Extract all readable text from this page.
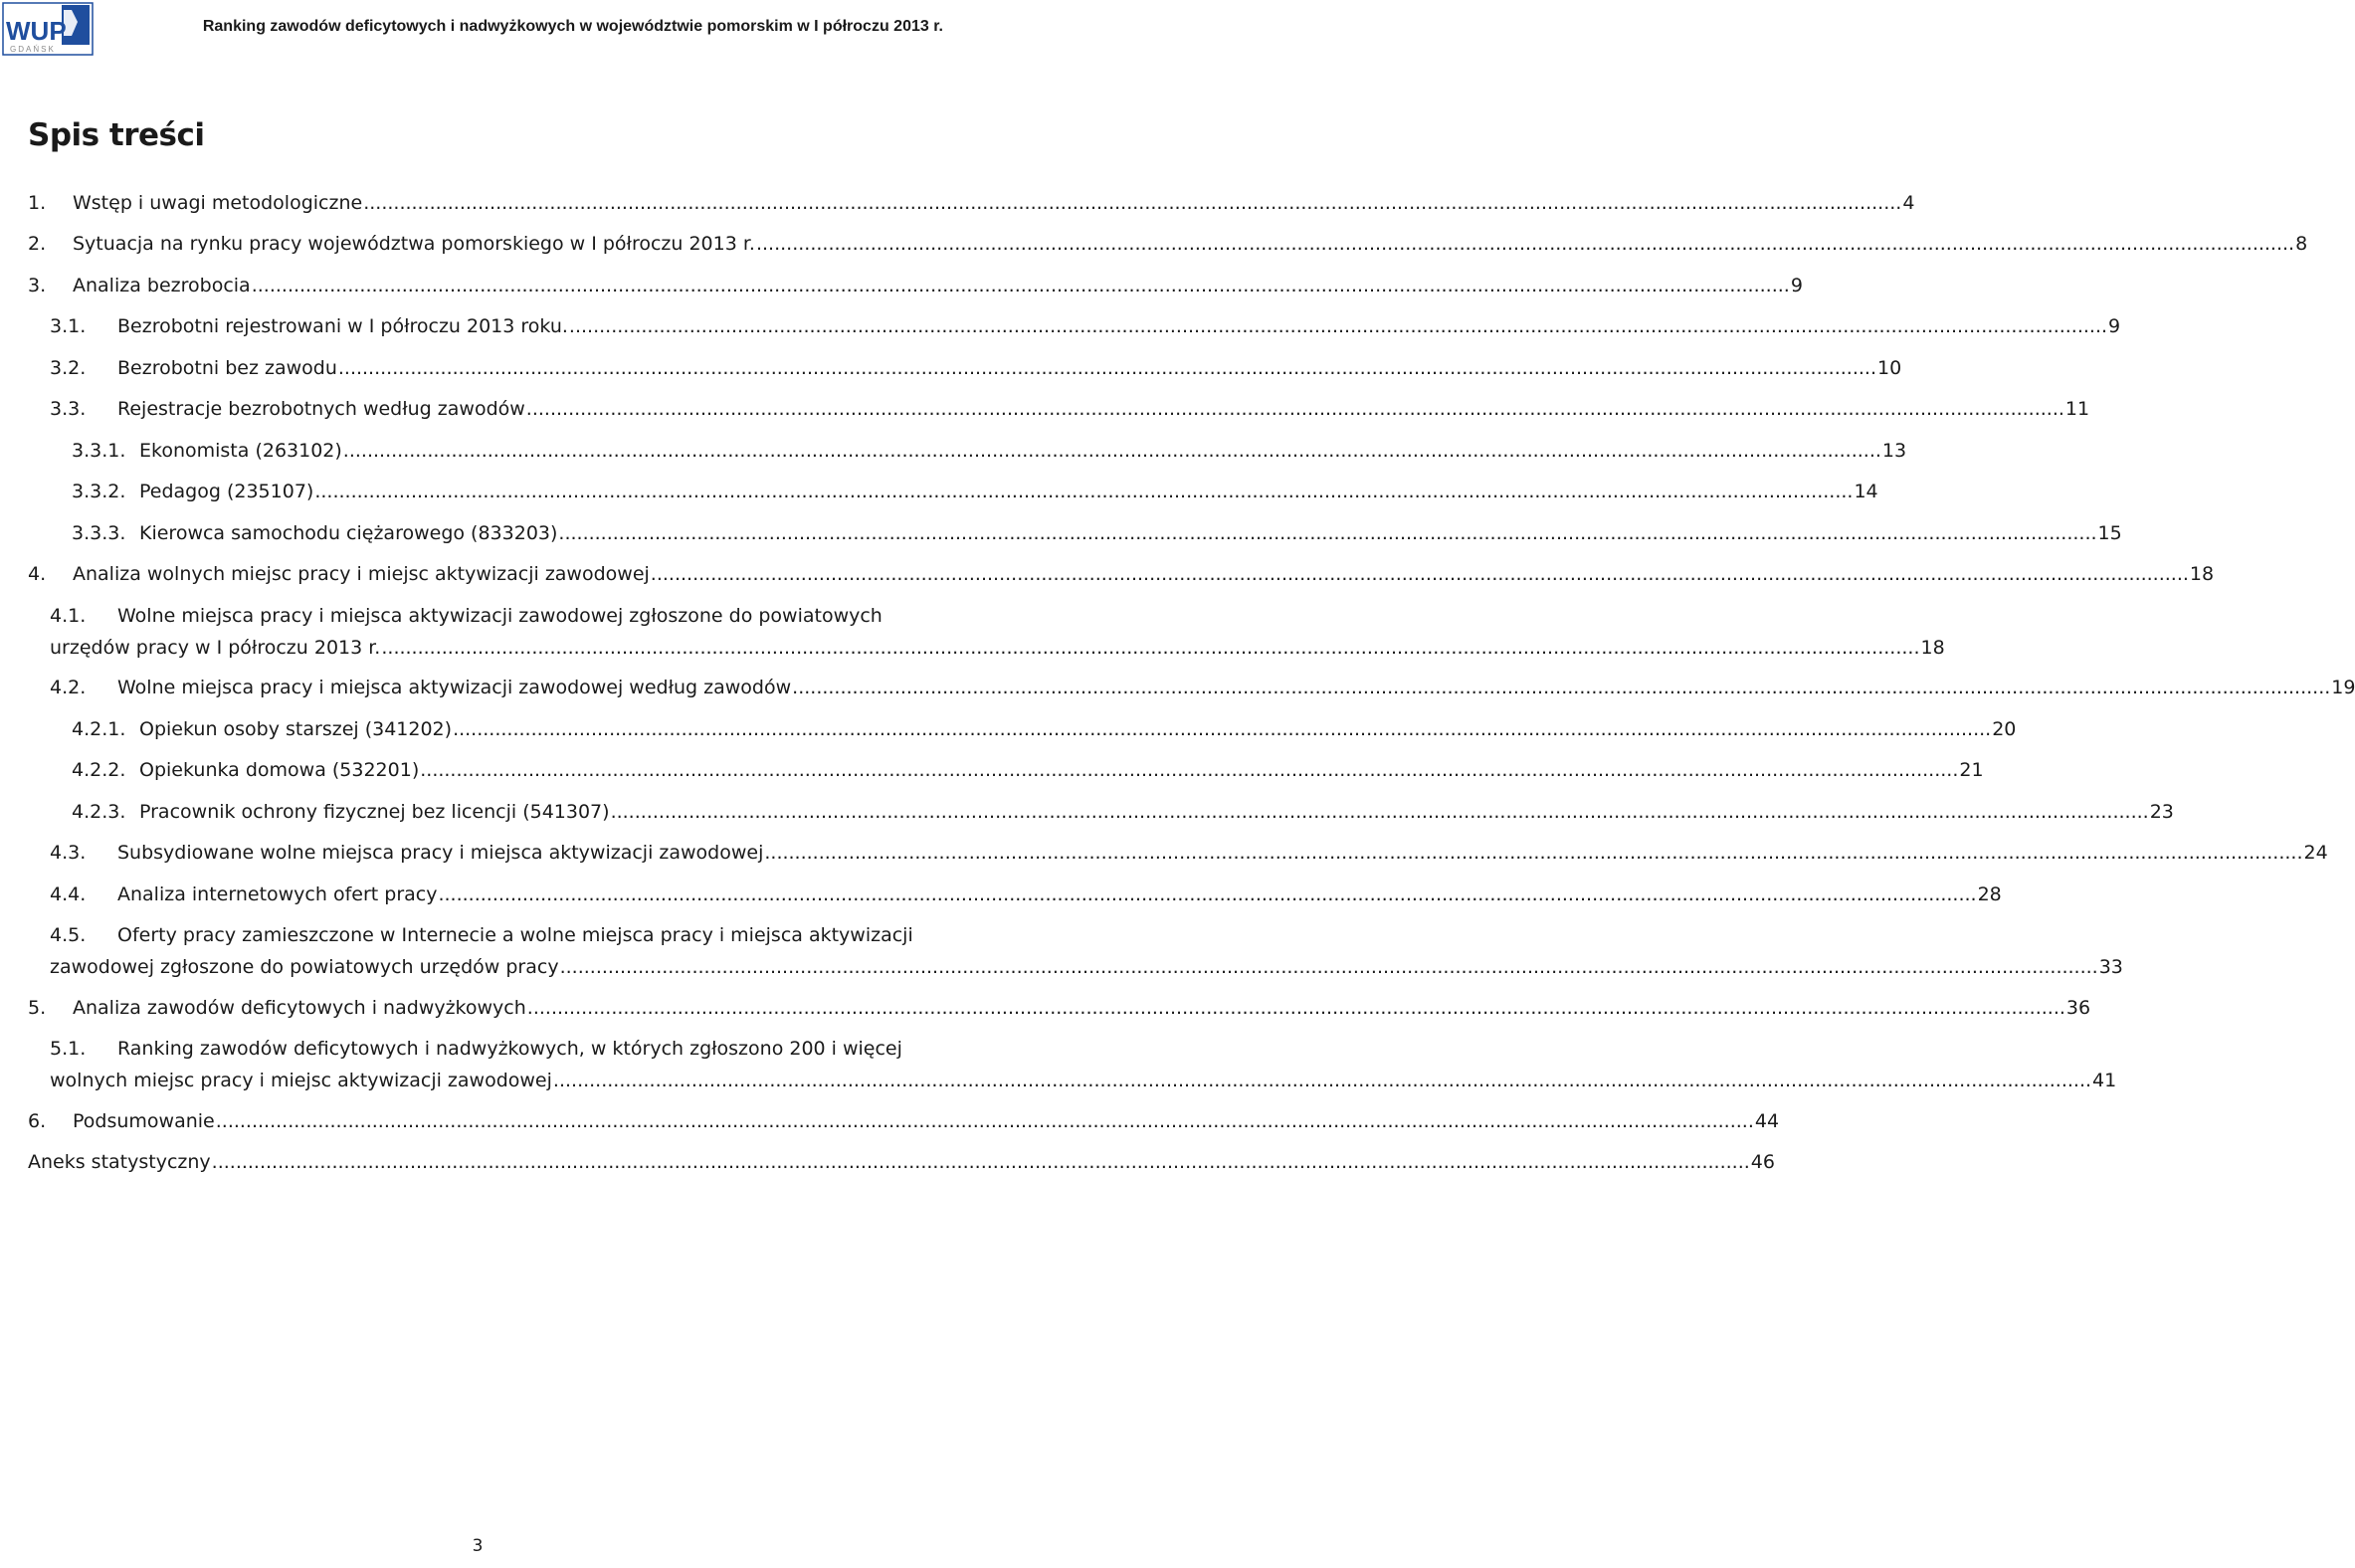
WUP
GDAŃSK
Ranking zawodów deficytowych i nadwyżkowych w województwie pomorskim w I półroczu 2013 r.
Spis treści
1.	Wstęp i uwagi metodologiczne .....	4
2.	Sytuacja na rynku pracy województwa pomorskiego w I półroczu 2013 r. .....	8
3.	Analiza bezrobocia .....	9
3.1.	Bezrobotni rejestrowani w I półroczu 2013 roku. .....	9
3.2.	Bezrobotni bez zawodu .....	10
3.3.	Rejestracje bezrobotnych według zawodów .....	11
3.3.1. Ekonomista (263102) .....	13
3.3.2. Pedagog (235107) .....	14
3.3.3. Kierowca samochodu ciężarowego (833203) .....	15
4.	Analiza wolnych miejsc pracy i miejsc aktywizacji zawodowej .....	18
4.1.	Wolne miejsca pracy i miejsca aktywizacji zawodowej zgłoszone do powiatowych
urzędów pracy w I półroczu 2013 r. .....	18
4.2.	Wolne miejsca pracy i miejsca aktywizacji zawodowej według zawodów .....	19
4.2.1. Opiekun osoby starszej (341202) .....	20
4.2.2. Opiekunka domowa (532201) .....	21
4.2.3. Pracownik ochrony fizycznej bez licencji (541307) .....	23
4.3.	Subsydiowane wolne miejsca pracy i miejsca aktywizacji zawodowej .....	24
4.4.	Analiza internetowych ofert pracy .....	28
4.5.	Oferty pracy zamieszczone w Internecie a wolne miejsca pracy i miejsca aktywizacji
zawodowej zgłoszone do powiatowych urzędów pracy .....	33
5.	Analiza zawodów deficytowych i nadwyżkowych .....	36
5.1.	Ranking zawodów deficytowych i nadwyżkowych, w których zgłoszono 200 i więcej
wolnych miejsc pracy i miejsc aktywizacji zawodowej .....	41
6.	Podsumowanie .....	44
Aneks statystyczny .....	46
3
